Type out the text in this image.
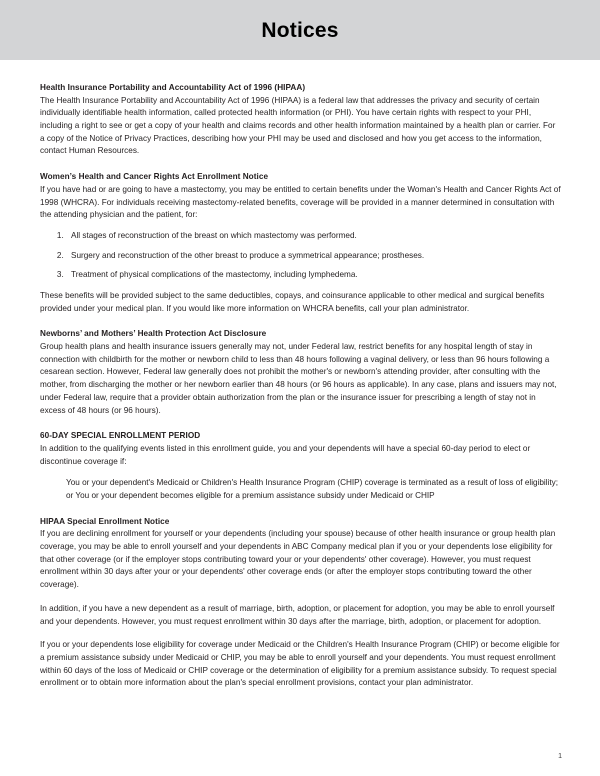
Notices
Health Insurance Portability and Accountability Act of 1996 (HIPAA)

The Health Insurance Portability and Accountability Act of 1996 (HIPAA) is a federal law that addresses the privacy and security of certain individually identifiable health information, called protected health information (or PHI). You have certain rights with respect to your PHI, including a right to see or get a copy of your health and claims records and other health information maintained by a health plan or carrier. For a copy of the Notice of Privacy Practices, describing how your PHI may be used and disclosed and how you get access to the information, contact Human Resources.

Women’s Health and Cancer Rights Act Enrollment Notice

If you have had or are going to have a mastectomy, you may be entitled to certain benefits under the Woman's Health and Cancer Rights Act of 1998 (WHCRA). For individuals receiving mastectomy-related benefits, coverage will be provided in a manner determined in consultation with the attending physician and the patient, for:

1. All stages of reconstruction of the breast on which mastectomy was performed.
2. Surgery and reconstruction of the other breast to produce a symmetrical appearance; prostheses.
3. Treatment of physical complications of the mastectomy, including lymphedema.

These benefits will be provided subject to the same deductibles, copays, and coinsurance applicable to other medical and surgical benefits provided under your medical plan. If you would like more information on WHCRA benefits, call your plan administrator.

Newborns’ and Mothers’ Health Protection Act Disclosure

Group health plans and health insurance issuers generally may not, under Federal law, restrict benefits for any hospital length of stay in connection with childbirth for the mother or newborn child to less than 48 hours following a vaginal delivery, or less than 96 hours following a cesarean section. However, Federal law generally does not prohibit the mother's or newborn's attending provider, after consulting with the mother, from discharging the mother or her newborn earlier than 48 hours (or 96 hours as applicable). In any case, plans and issuers may not, under Federal law, require that a provider obtain authorization from the plan or the insurance issuer for prescribing a length of stay not in excess of 48 hours (or 96 hours).

60-DAY SPECIAL ENROLLMENT PERIOD

In addition to the qualifying events listed in this enrollment guide, you and your dependents will have a special 60-day period to elect or discontinue coverage if:

You or your dependent's Medicaid or Children's Health Insurance Program (CHIP) coverage is terminated as a result of loss of eligibility; or You or your dependent becomes eligible for a premium assistance subsidy under Medicaid or CHIP
HIPAA Special Enrollment Notice

If you are declining enrollment for yourself or your dependents (including your spouse) because of other health insurance or group health plan coverage, you may be able to enroll yourself and your dependents in ABC Company medical plan if you or your dependents lose eligibility for that other coverage (or if the employer stops contributing toward your or your dependents' other coverage). However, you must request enrollment within 30 days after your or your dependents' other coverage ends (or after the employer stops contributing toward the other coverage).

In addition, if you have a new dependent as a result of marriage, birth, adoption, or placement for adoption, you may be able to enroll yourself and your dependents. However, you must request enrollment within 30 days after the marriage, birth, adoption, or placement for adoption.

If you or your dependents lose eligibility for coverage under Medicaid or the Children's Health Insurance Program (CHIP) or become eligible for a premium assistance subsidy under Medicaid or CHIP, you may be able to enroll yourself and your dependents. You must request enrollment within 60 days of the loss of Medicaid or CHIP coverage or the determination of eligibility for a premium assistance subsidy. To request special enrollment or to obtain more information about the plan's special enrollment provisions, contact your plan administrator.

1
